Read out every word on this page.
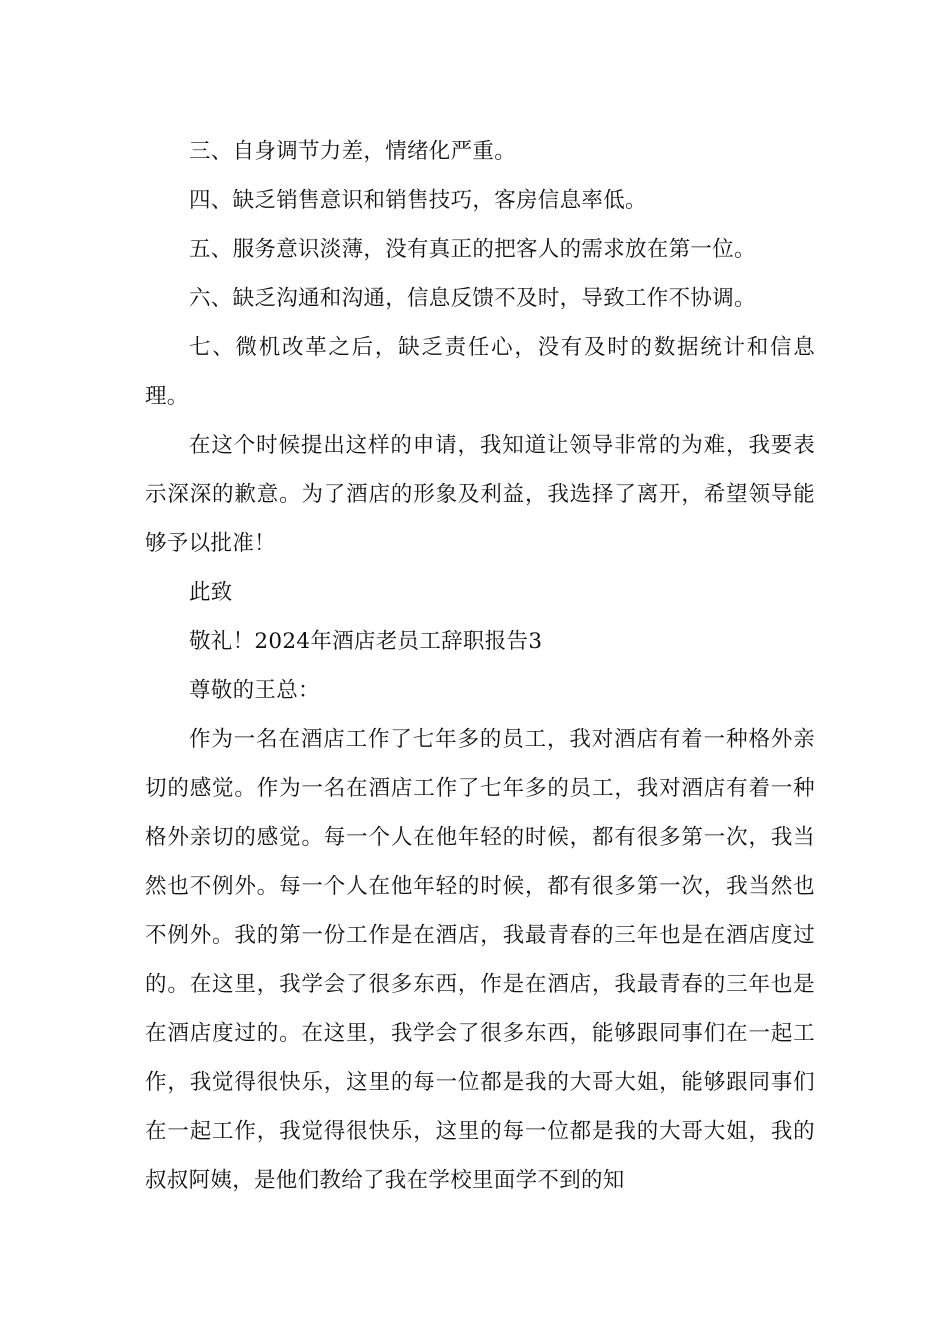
三、自身调节力差，情绪化严重。

四、缺乏销售意识和销售技巧，客房信息率低。

五、服务意识淡薄，没有真正的把客人的需求放在第一位。

六、缺乏沟通和沟通，信息反馈不及时，导致工作不协调。

七、微机改革之后，缺乏责任心，没有及时的数据统计和信息理。

在这个时候提出这样的申请，我知道让领导非常的为难，我要表示深深的歉意。为了酒店的形象及利益，我选择了离开，希望领导能够予以批准！

此致

敬礼！2024年酒店老员工辞职报告3

尊敬的王总：

作为一名在酒店工作了七年多的员工，我对酒店有着一种格外亲切的感觉。作为一名在酒店工作了七年多的员工，我对酒店有着一种格外亲切的感觉。每一个人在他年轻的时候，都有很多第一次，我当然也不例外。每一个人在他年轻的时候，都有很多第一次，我当然也不例外。我的第一份工作是在酒店，我最青春的三年也是在酒店度过的。在这里，我学会了很多东西，作是在酒店，我最青春的三年也是在酒店度过的。在这里，我学会了很多东西，能够跟同事们在一起工作，我觉得很快乐，这里的每一位都是我的大哥大姐，能够跟同事们在一起工作，我觉得很快乐，这里的每一位都是我的大哥大姐，我的叔叔阿姨，是他们教给了我在学校里面学不到的知
